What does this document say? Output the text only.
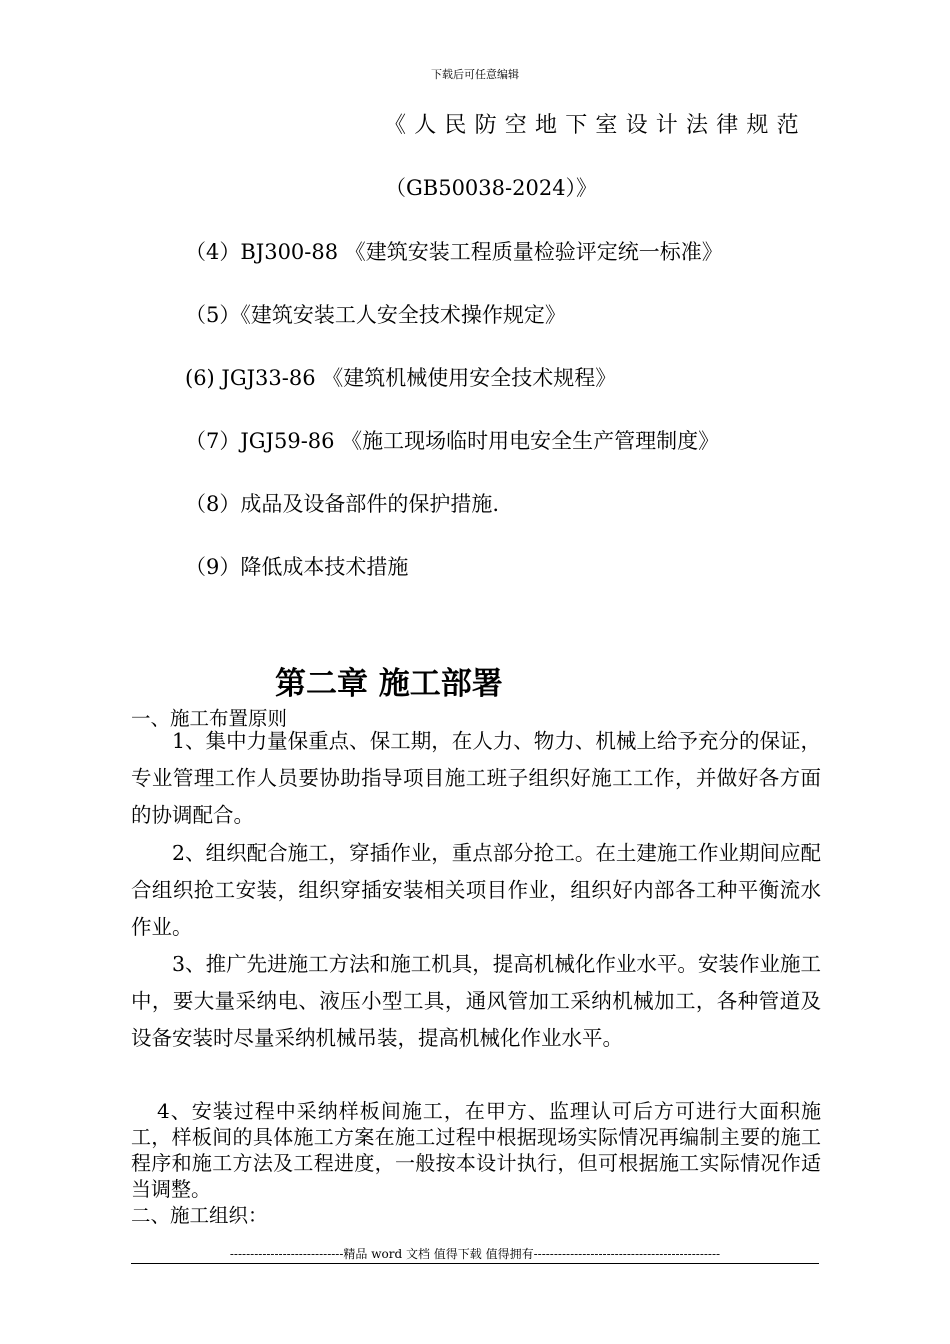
下载后可任意编辑
《人民防空地下室设计法律规范
（GB50038-2024）》
（4）BJ300-88 《建筑安装工程质量检验评定统一标准》
（5）《建筑安装工人安全技术操作规定》
(6) JGJ33-86 《建筑机械使用安全技术规程》
（7）JGJ59-86 《施工现场临时用电安全生产管理制度》
（8）成品及设备部件的保护措施.
（9）降低成本技术措施
第二章 施工部署
一、施工布置原则
1、集中力量保重点、保工期，在人力、物力、机械上给予充分的保证，专业管理工作人员要协助指导项目施工班子组织好施工工作，并做好各方面的协调配合。
2、组织配合施工，穿插作业，重点部分抢工。在土建施工作业期间应配合组织抢工安装，组织穿插安装相关项目作业，组织好内部各工种平衡流水作业。
3、推广先进施工方法和施工机具，提高机械化作业水平。安装作业施工中，要大量采纳电、液压小型工具，通风管加工采纳机械加工，各种管道及设备安装时尽量采纳机械吊装，提高机械化作业水平。
4、安装过程中采纳样板间施工，在甲方、监理认可后方可进行大面积施工，样板间的具体施工方案在施工过程中根据现场实际情况再编制主要的施工程序和施工方法及工程进度，一般按本设计执行，但可根据施工实际情况作适当调整。
二、施工组织：
----------------------------精品 word 文档 值得下载 值得拥有----------------------------------------------
